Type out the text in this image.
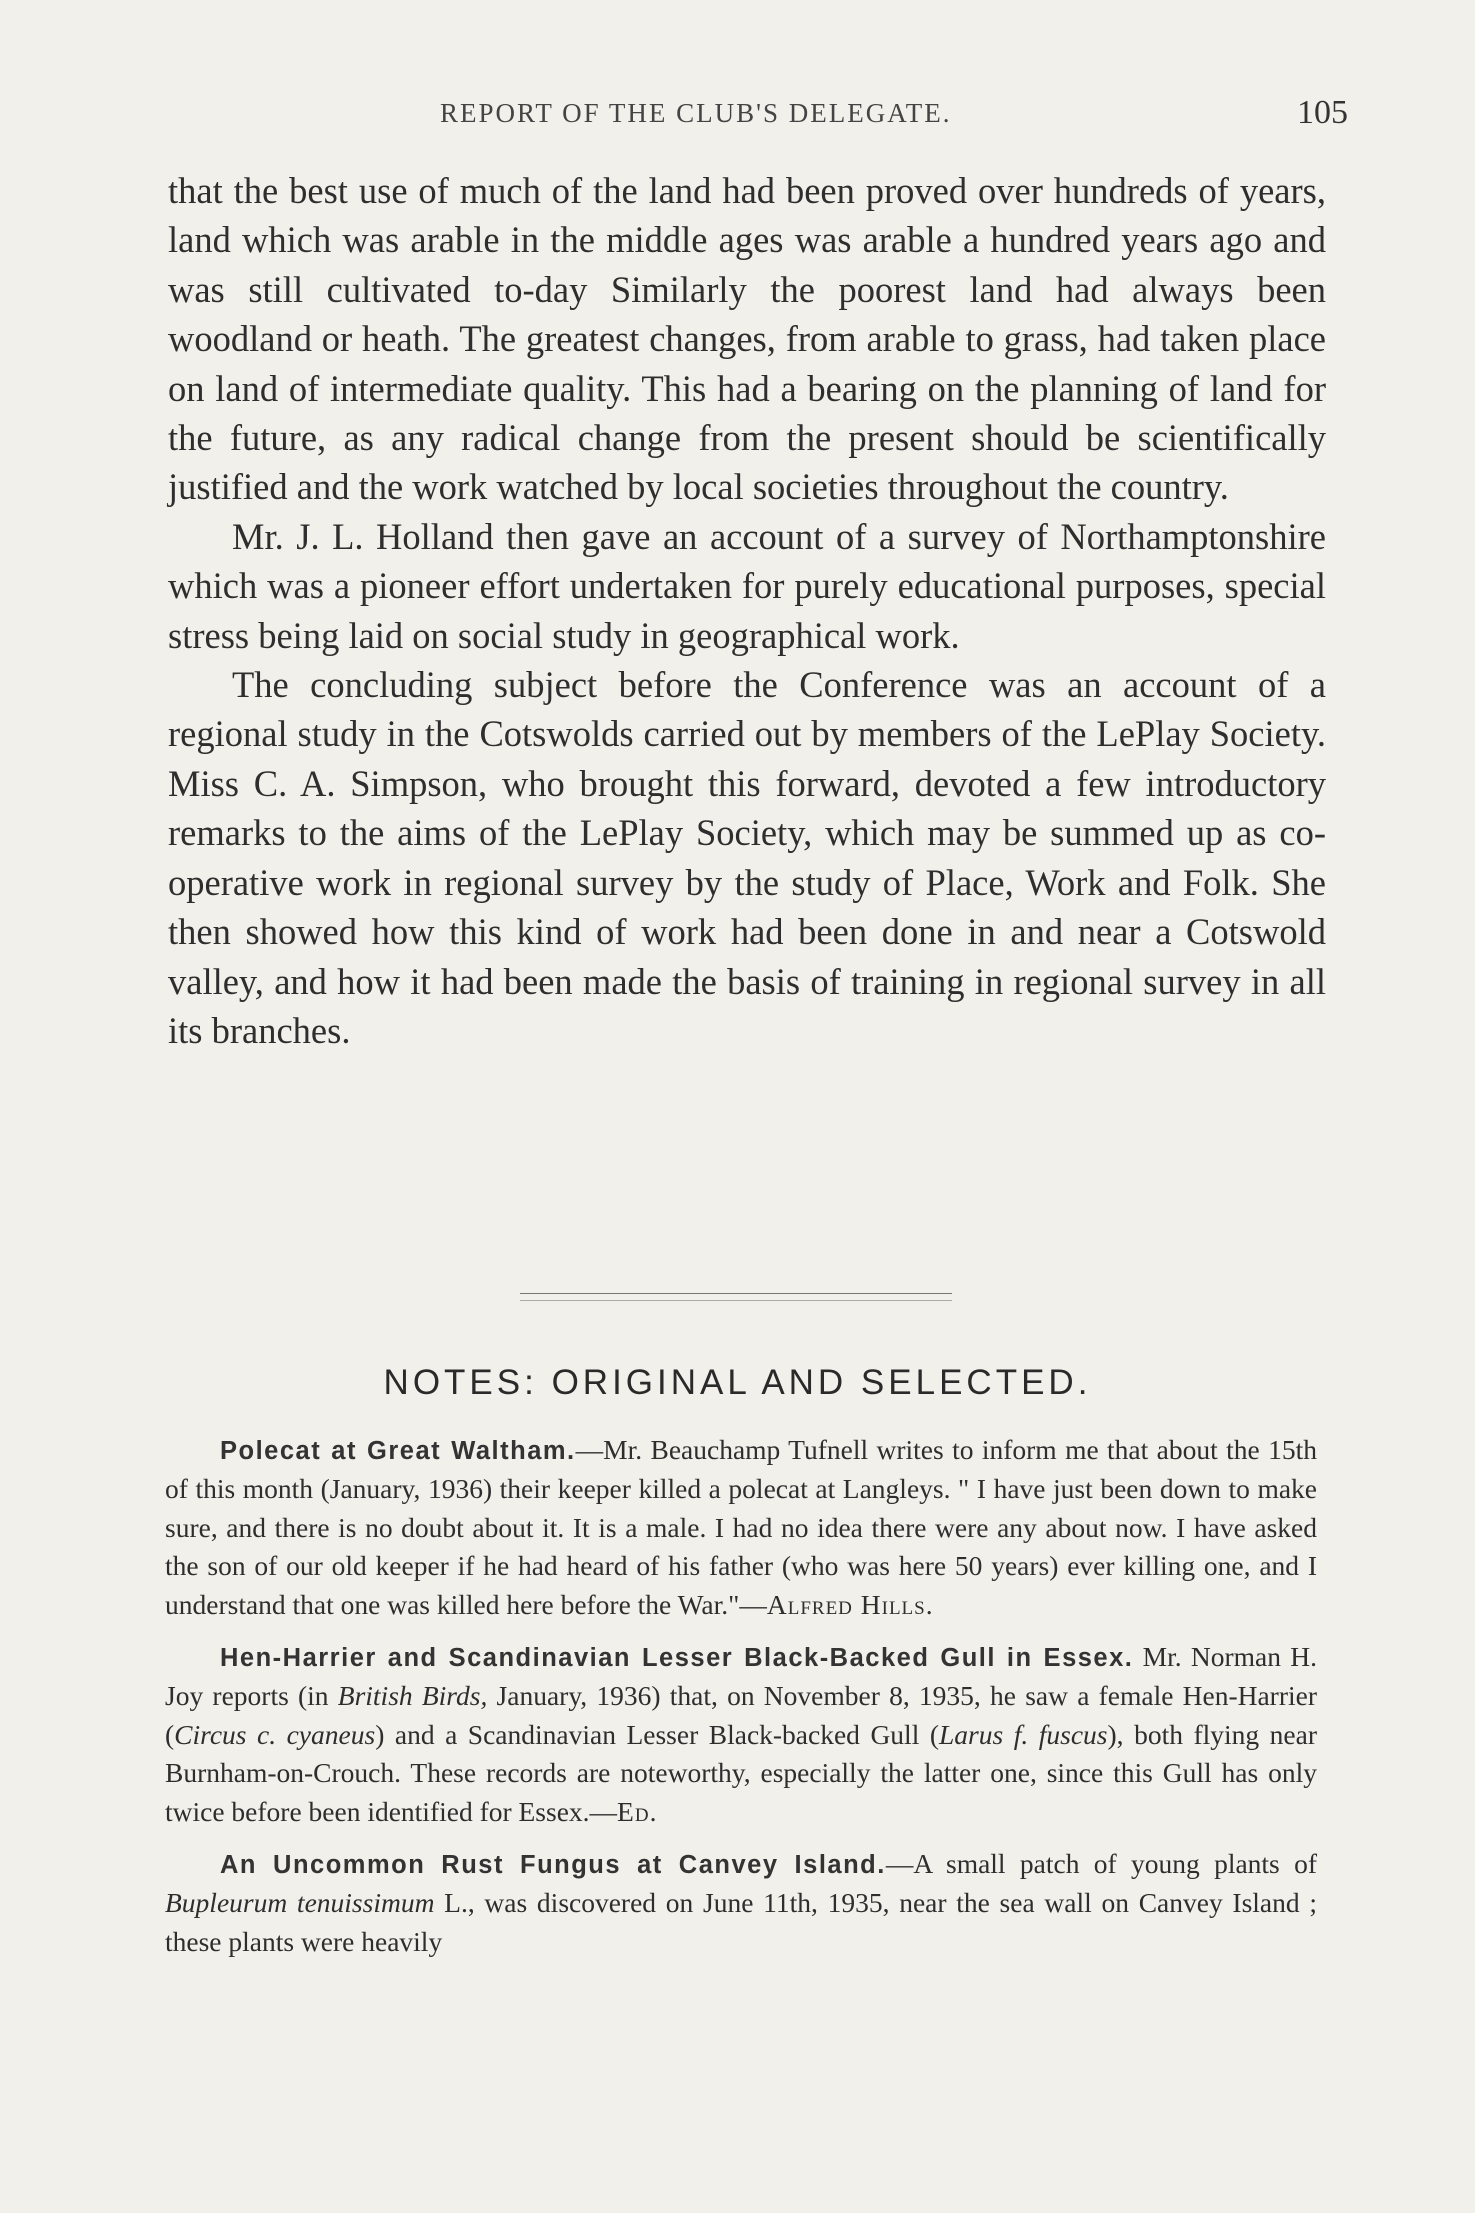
REPORT OF THE CLUB'S DELEGATE.	105

that the best use of much of the land had been proved over hundreds of years, land which was arable in the middle ages was arable a hundred years ago and was still cultivated to-day Similarly the poorest land had always been woodland or heath. The greatest changes, from arable to grass, had taken place on land of intermediate quality. This had a bearing on the planning of land for the future, as any radical change from the present should be scientifically justified and the work watched by local societies throughout the country.

Mr. J. L. Holland then gave an account of a survey of Northamptonshire which was a pioneer effort undertaken for purely educational purposes, special stress being laid on social study in geographical work.

The concluding subject before the Conference was an account of a regional study in the Cotswolds carried out by members of the LePlay Society. Miss C. A. Simpson, who brought this forward, devoted a few introductory remarks to the aims of the LePlay Society, which may be summed up as co-operative work in regional survey by the study of Place, Work and Folk. She then showed how this kind of work had been done in and near a Cotswold valley, and how it had been made the basis of training in regional survey in all its branches.

NOTES: ORIGINAL AND SELECTED.

Polecat at Great Waltham.—Mr. Beauchamp Tufnell writes to inform me that about the 15th of this month (January, 1936) their keeper killed a polecat at Langleys. " I have just been down to make sure, and there is no doubt about it. It is a male. I had no idea there were any about now. I have asked the son of our old keeper if he had heard of his father (who was here 50 years) ever killing one, and I understand that one was killed here before the War."—Alfred Hills.

Hen-Harrier and Scandinavian Lesser Black-Backed Gull in Essex. Mr. Norman H. Joy reports (in British Birds, January, 1936) that, on November 8, 1935, he saw a female Hen-Harrier (Circus c. cyaneus) and a Scandinavian Lesser Black-backed Gull (Larus f. fuscus), both flying near Burnham-on-Crouch. These records are noteworthy, especially the latter one, since this Gull has only twice before been identified for Essex.—Ed.

An Uncommon Rust Fungus at Canvey Island.—A small patch of young plants of Bupleurum tenuissimum L., was discovered on June 11th, 1935, near the sea wall on Canvey Island ; these plants were heavily
